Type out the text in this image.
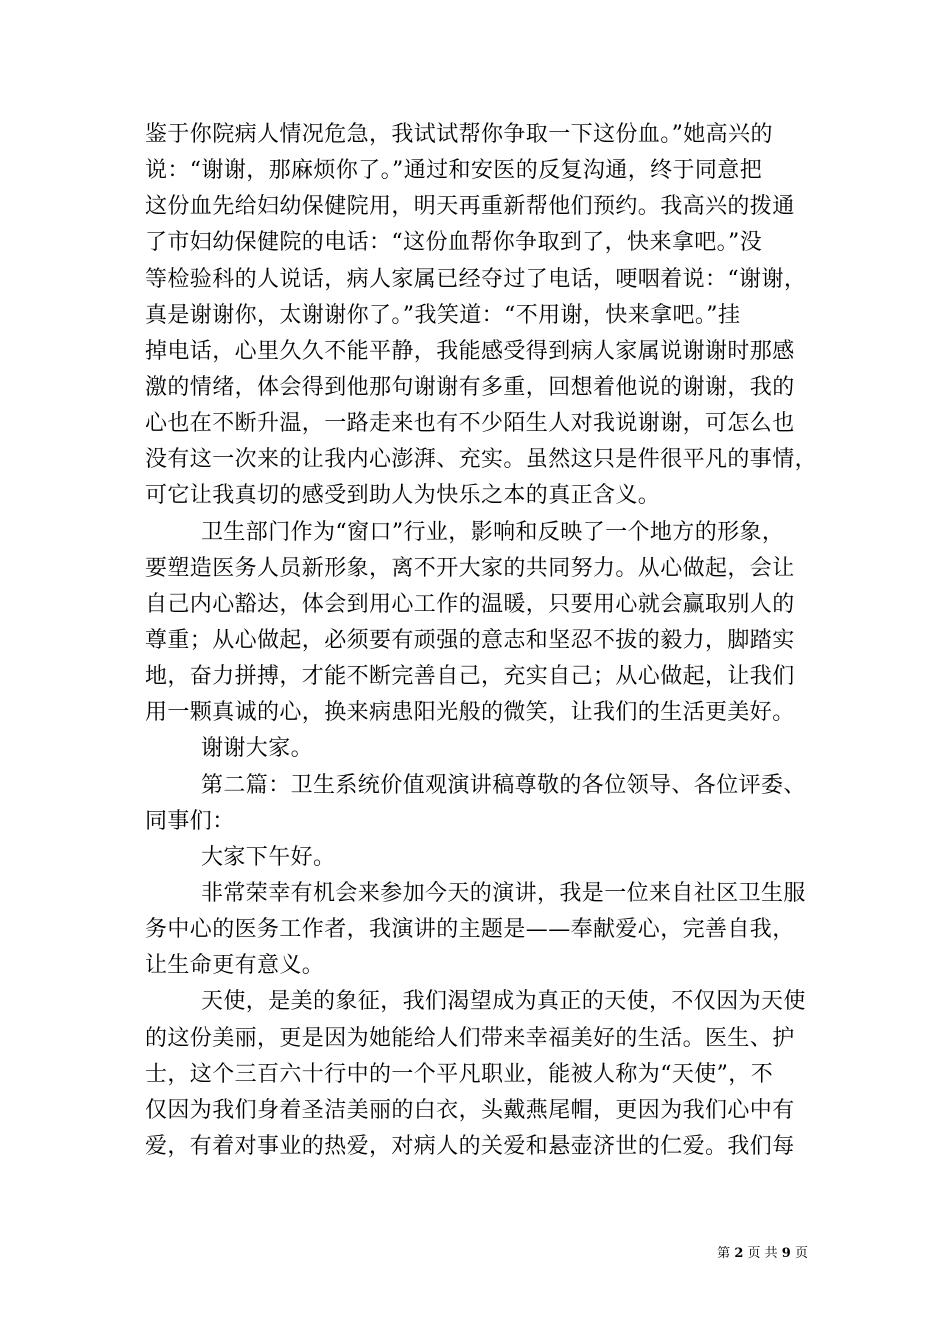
鉴于你院病人情况危急，我试试帮你争取一下这份血。”她高兴的
说：“谢谢，那麻烦你了。”通过和安医的反复沟通，终于同意把
这份血先给妇幼保健院用，明天再重新帮他们预约。我高兴的拨通
了市妇幼保健院的电话：“这份血帮你争取到了，快来拿吧。”没
等检验科的人说话，病人家属已经夺过了电话，哽咽着说：“谢谢，
真是谢谢你，太谢谢你了。”我笑道：“不用谢，快来拿吧。”挂
掉电话，心里久久不能平静，我能感受得到病人家属说谢谢时那感
激的情绪，体会得到他那句谢谢有多重，回想着他说的谢谢，我的
心也在不断升温，一路走来也有不少陌生人对我说谢谢，可怎么也
没有这一次来的让我内心澎湃、充实。虽然这只是件很平凡的事情，
可它让我真切的感受到助人为快乐之本的真正含义。
卫生部门作为“窗口”行业，影响和反映了一个地方的形象，
要塑造医务人员新形象，离不开大家的共同努力。从心做起，会让
自己内心豁达，体会到用心工作的温暖，只要用心就会赢取别人的
尊重；从心做起，必须要有顽强的意志和坚忍不拔的毅力，脚踏实
地，奋力拼搏，才能不断完善自己，充实自己；从心做起，让我们
用一颗真诚的心，换来病患阳光般的微笑，让我们的生活更美好。
谢谢大家。
第二篇：卫生系统价值观演讲稿尊敬的各位领导、各位评委、
同事们：
大家下午好。
非常荣幸有机会来参加今天的演讲，我是一位来自社区卫生服
务中心的医务工作者，我演讲的主题是——奉献爱心，完善自我，
让生命更有意义。
天使，是美的象征，我们渴望成为真正的天使，不仅因为天使
的这份美丽，更是因为她能给人们带来幸福美好的生活。医生、护
士，这个三百六十行中的一个平凡职业，能被人称为“天使”，不
仅因为我们身着圣洁美丽的白衣，头戴燕尾帽，更因为我们心中有
爱，有着对事业的热爱，对病人的关爱和悬壶济世的仁爱。我们每
第 2 页 共 9 页
